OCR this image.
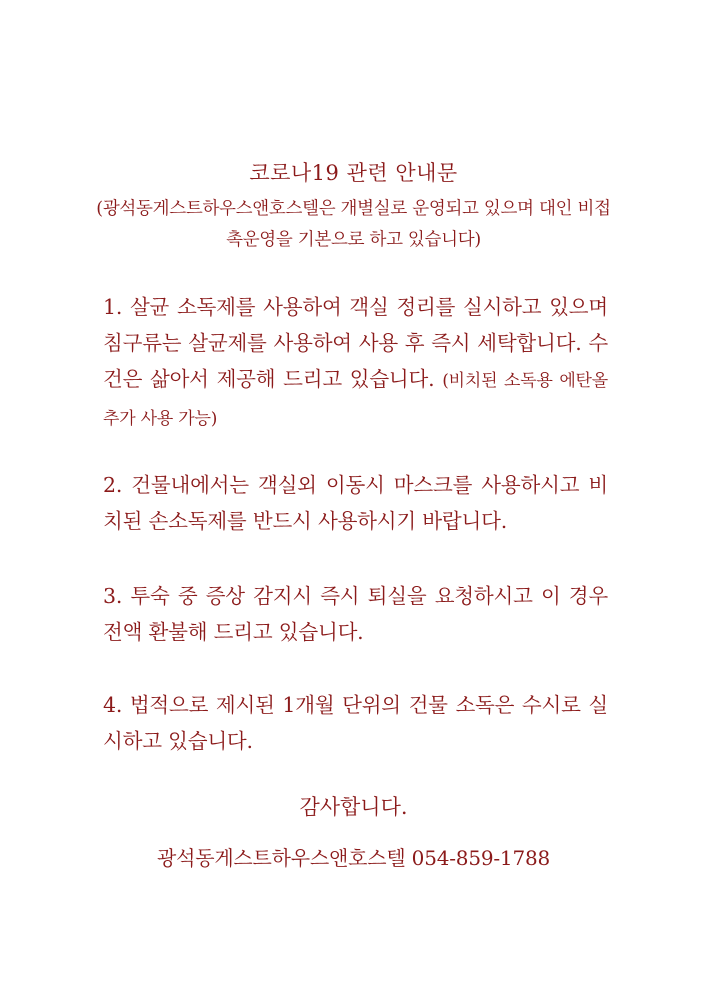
코로나19 관련 안내문
(광석동게스트하우스앤호스텔은 개별실로 운영되고 있으며 대인 비접촉운영을 기본으로 하고 있습니다)
1. 살균 소독제를 사용하여 객실 정리를 실시하고 있으며 침구류는 살균제를 사용하여 사용 후 즉시 세탁합니다. 수건은 삶아서 제공해 드리고 있습니다. (비치된 소독용 에탄올 추가 사용 가능)
2. 건물내에서는 객실외 이동시 마스크를 사용하시고 비치된 손소독제를 반드시 사용하시기 바랍니다.
3. 투숙 중 증상 감지시 즉시 퇴실을 요청하시고 이 경우 전액 환불해 드리고 있습니다.
4. 법적으로 제시된 1개월 단위의 건물 소독은 수시로 실시하고 있습니다.
감사합니다.
광석동게스트하우스앤호스텔 054-859-1788
